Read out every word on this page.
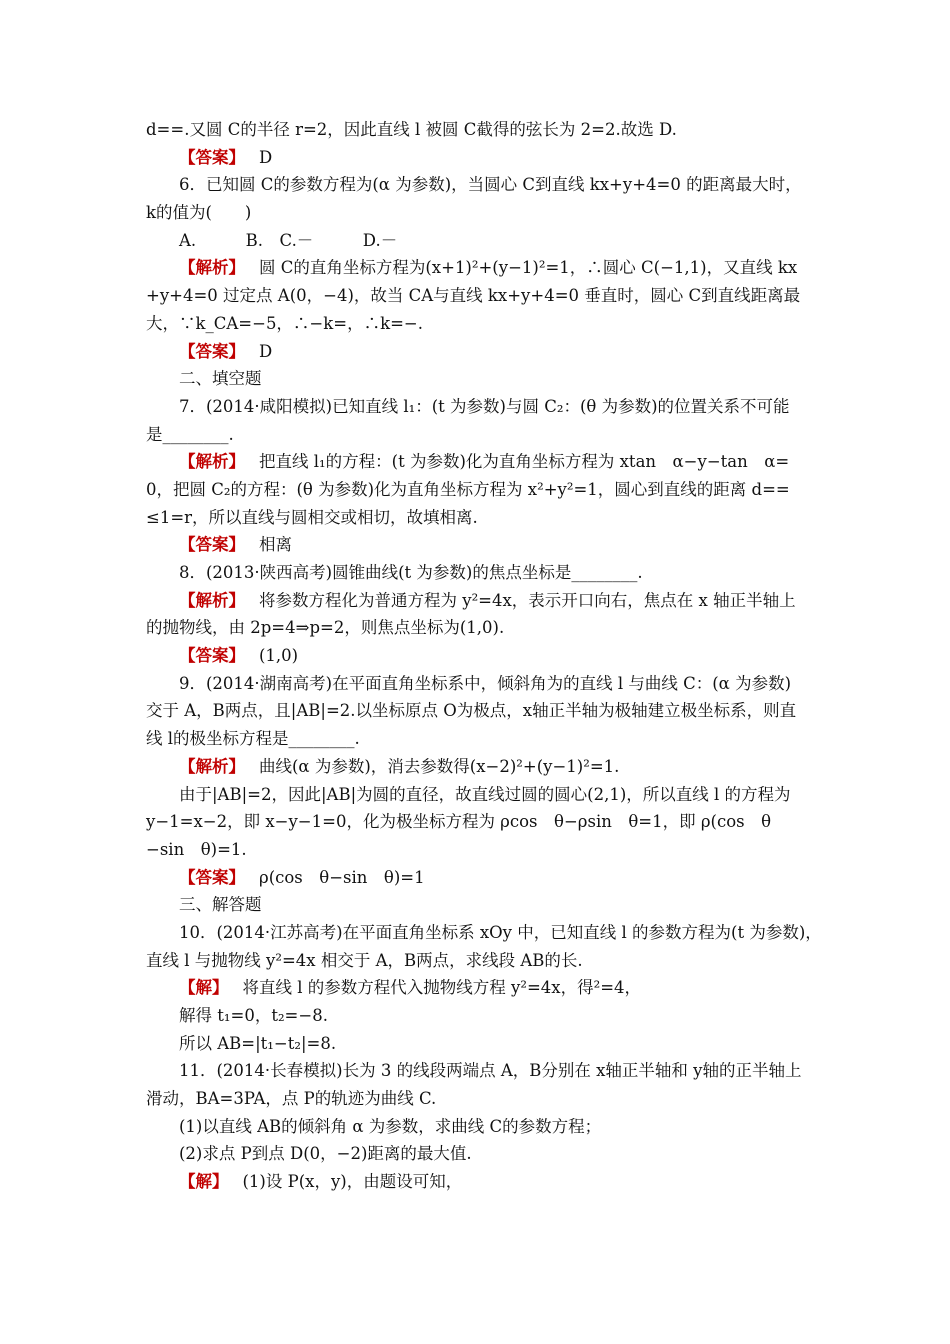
d==.又圆 C的半径 r=2，因此直线 l 被圆 C截得的弦长为 2=2.故选 D.
【答案】 D
6．已知圆 C的参数方程为(α 为参数)，当圆心 C到直线 kx+y+4=0 的距离最大时，
k的值为(　　)
A.　　　B.　C.－　　　D.－
【解析】 圆 C的直角坐标方程为(x+1)²+(y−1)²=1，∴圆心 C(−1,1)，又直线 kx
+y+4=0 过定点 A(0，−4)，故当 CA与直线 kx+y+4=0 垂直时，圆心 C到直线距离最
大，∵k_CA=−5，∴−k=，∴k=−.
【答案】 D
二、填空题
7．(2014·咸阳模拟)已知直线 l₁：(t 为参数)与圆 C₂：(θ 为参数)的位置关系不可能
是________.
【解析】 把直线 l₁的方程：(t 为参数)化为直角坐标方程为 xtan　α−y−tan　α=
0，把圆 C₂的方程：(θ 为参数)化为直角坐标方程为 x²+y²=1，圆心到直线的距离 d==
≤1=r，所以直线与圆相交或相切，故填相离.
【答案】 相离
8．(2013·陕西高考)圆锥曲线(t 为参数)的焦点坐标是________.
【解析】 将参数方程化为普通方程为 y²=4x，表示开口向右，焦点在 x 轴正半轴上
的抛物线，由 2p=4⇒p=2，则焦点坐标为(1,0).
【答案】 (1,0)
9．(2014·湖南高考)在平面直角坐标系中，倾斜角为的直线 l 与曲线 C：(α 为参数)
交于 A，B两点，且|AB|=2.以坐标原点 O为极点，x轴正半轴为极轴建立极坐标系，则直
线 l的极坐标方程是________.
【解析】 曲线(α 为参数)，消去参数得(x−2)²+(y−1)²=1.
由于|AB|=2，因此|AB|为圆的直径，故直线过圆的圆心(2,1)，所以直线 l 的方程为
y−1=x−2，即 x−y−1=0，化为极坐标方程为 ρcos　θ−ρsin　θ=1，即 ρ(cos　θ
−sin　θ)=1.
【答案】 ρ(cos　θ−sin　θ)=1
三、解答题
10．(2014·江苏高考)在平面直角坐标系 xOy 中，已知直线 l 的参数方程为(t 为参数)，
直线 l 与抛物线 y²=4x 相交于 A，B两点，求线段 AB的长.
【解】 将直线 l 的参数方程代入抛物线方程 y²=4x，得²=4，
解得 t₁=0，t₂=−8.
所以 AB=|t₁−t₂|=8.
11．(2014·长春模拟)长为 3 的线段两端点 A，B分别在 x轴正半轴和 y轴的正半轴上
滑动，BA=3PA，点 P的轨迹为曲线 C.
(1)以直线 AB的倾斜角 α 为参数，求曲线 C的参数方程；
(2)求点 P到点 D(0，−2)距离的最大值.
【解】 (1)设 P(x，y)，由题设可知，
